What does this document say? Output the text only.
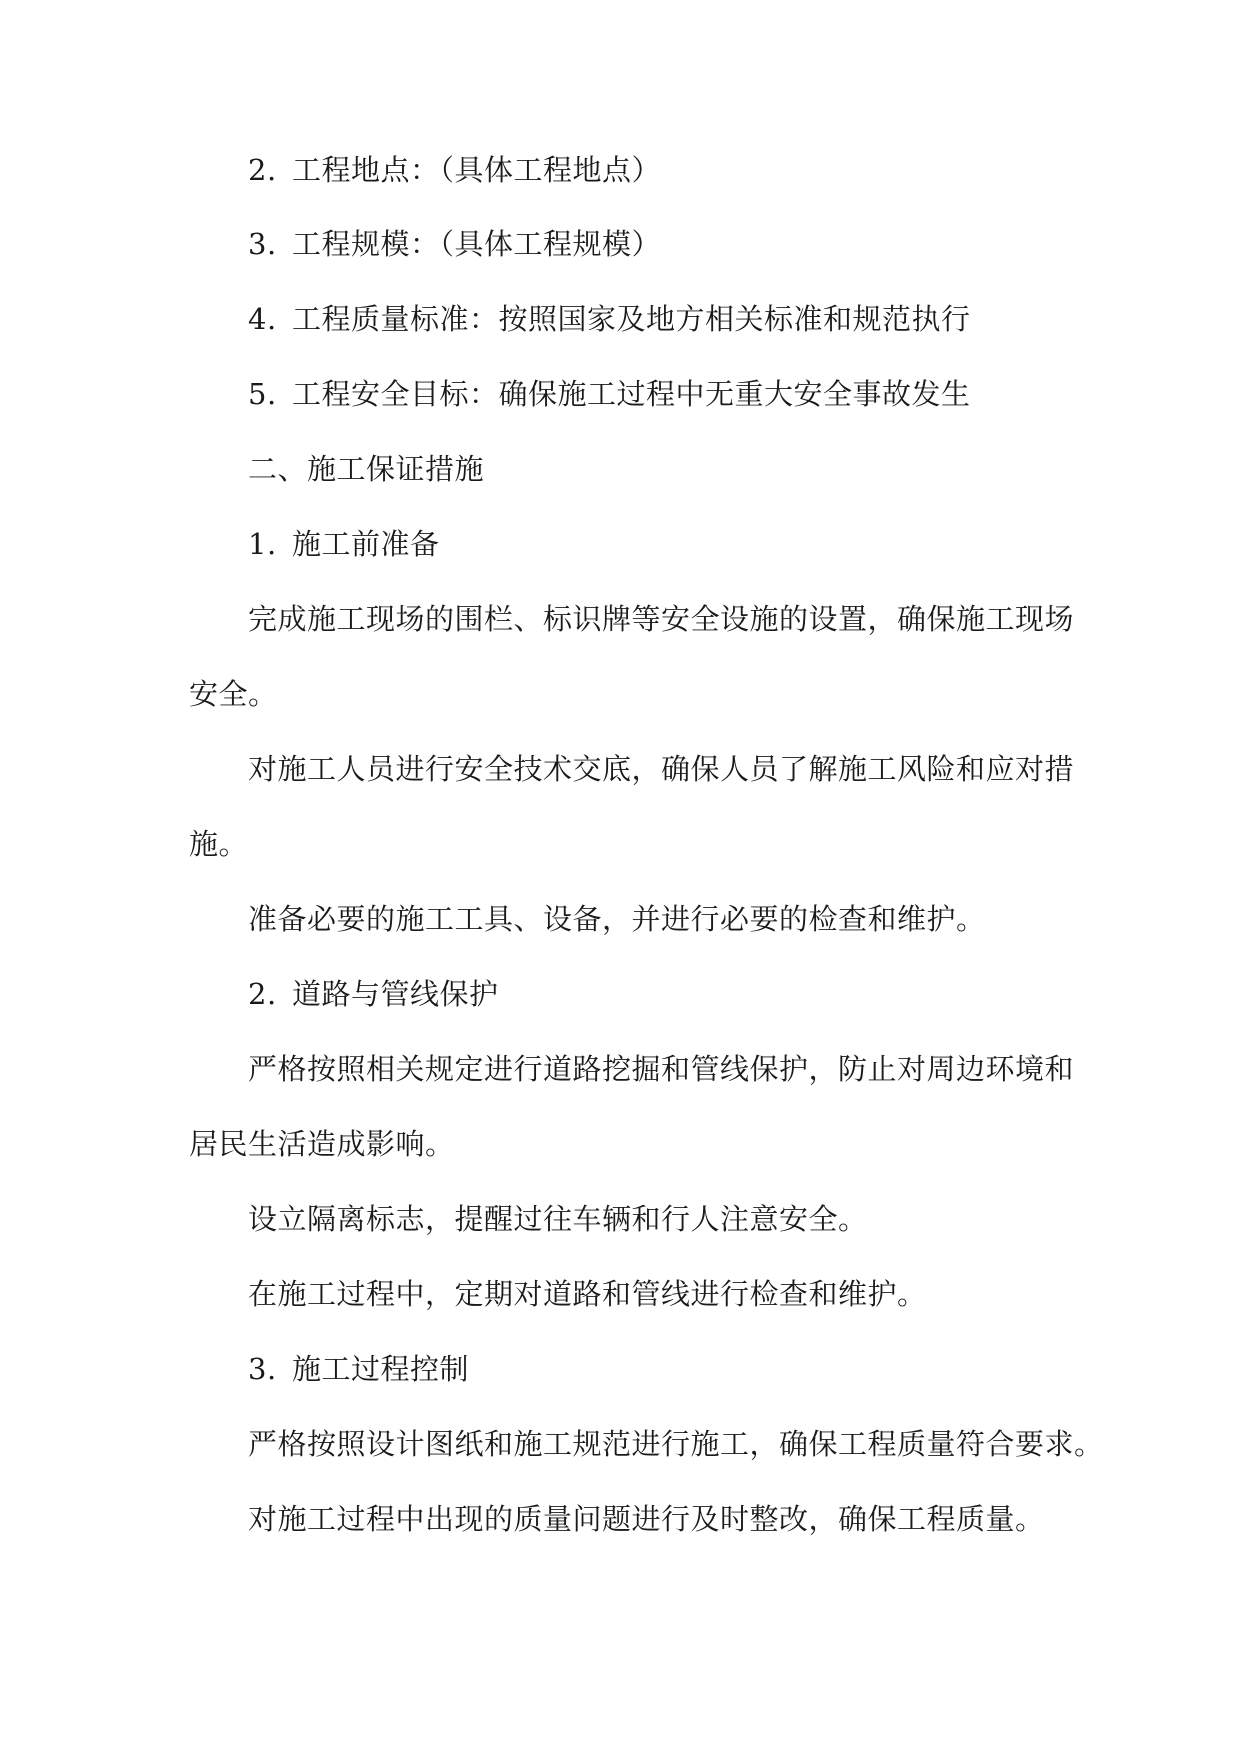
2. 工程地点：（具体工程地点）
3. 工程规模：（具体工程规模）
4. 工程质量标准：按照国家及地方相关标准和规范执行
5. 工程安全目标：确保施工过程中无重大安全事故发生
二、施工保证措施
1. 施工前准备
完成施工现场的围栏、标识牌等安全设施的设置，确保施工现场
安全。
对施工人员进行安全技术交底，确保人员了解施工风险和应对措
施。
准备必要的施工工具、设备，并进行必要的检查和维护。
2. 道路与管线保护
严格按照相关规定进行道路挖掘和管线保护，防止对周边环境和
居民生活造成影响。
设立隔离标志，提醒过往车辆和行人注意安全。
在施工过程中，定期对道路和管线进行检查和维护。
3. 施工过程控制
严格按照设计图纸和施工规范进行施工，确保工程质量符合要求。
对施工过程中出现的质量问题进行及时整改，确保工程质量。
